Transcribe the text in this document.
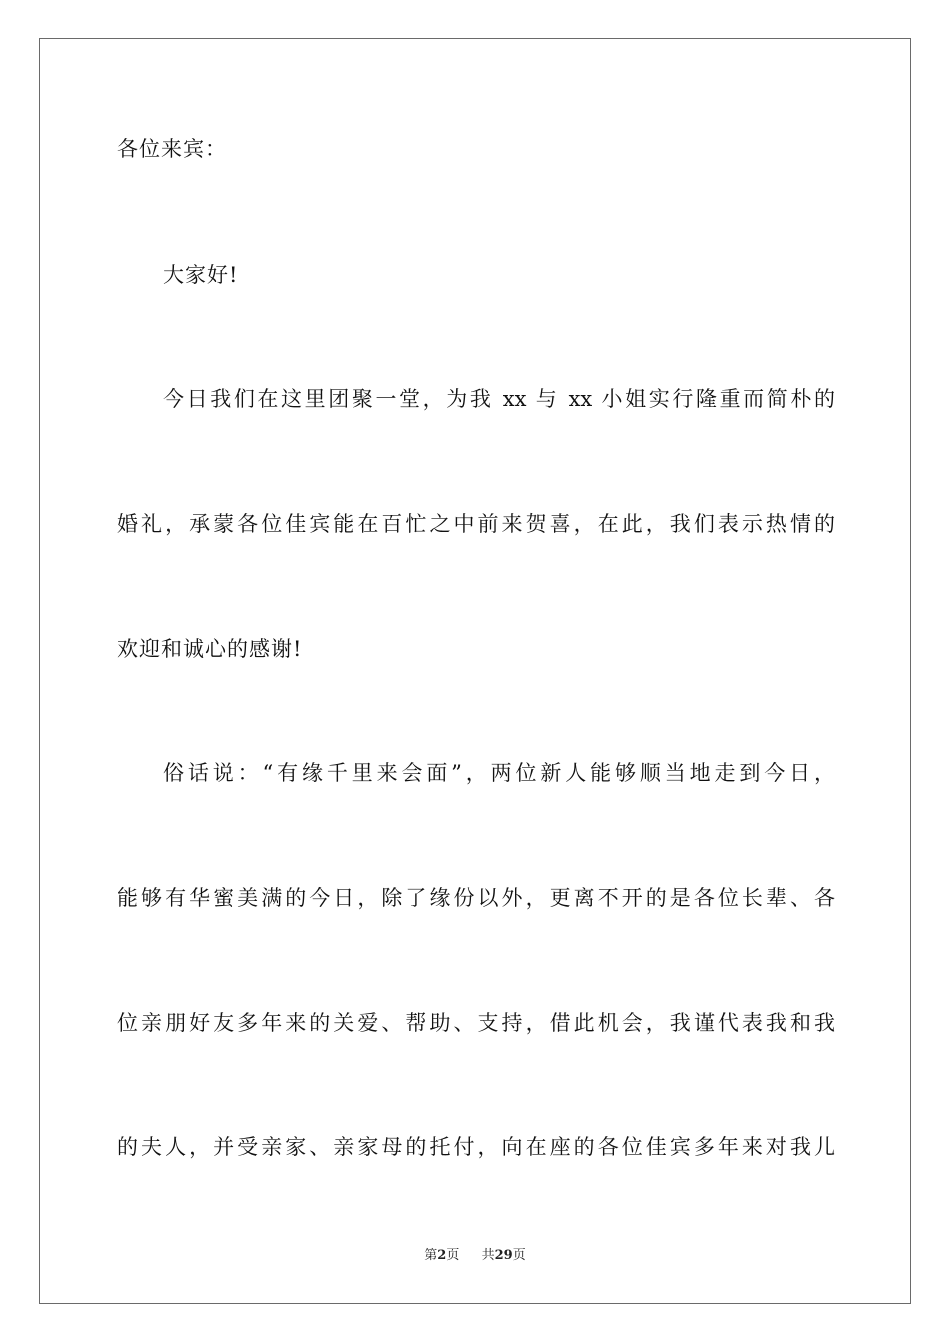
各位来宾：

大家好!

今日我们在这里团聚一堂，为我 xx 与 xx 小姐实行隆重而简朴的

婚礼，承蒙各位佳宾能在百忙之中前来贺喜，在此，我们表示热情的

欢迎和诚心的感谢!

俗话说：“有缘千里来会面”，两位新人能够顺当地走到今日，

能够有华蜜美满的今日，除了缘份以外，更离不开的是各位长辈、各

位亲朋好友多年来的关爱、帮助、支持，借此机会，我谨代表我和我

的夫人，并受亲家、亲家母的托付，向在座的各位佳宾多年来对我儿

第2页 共29页
